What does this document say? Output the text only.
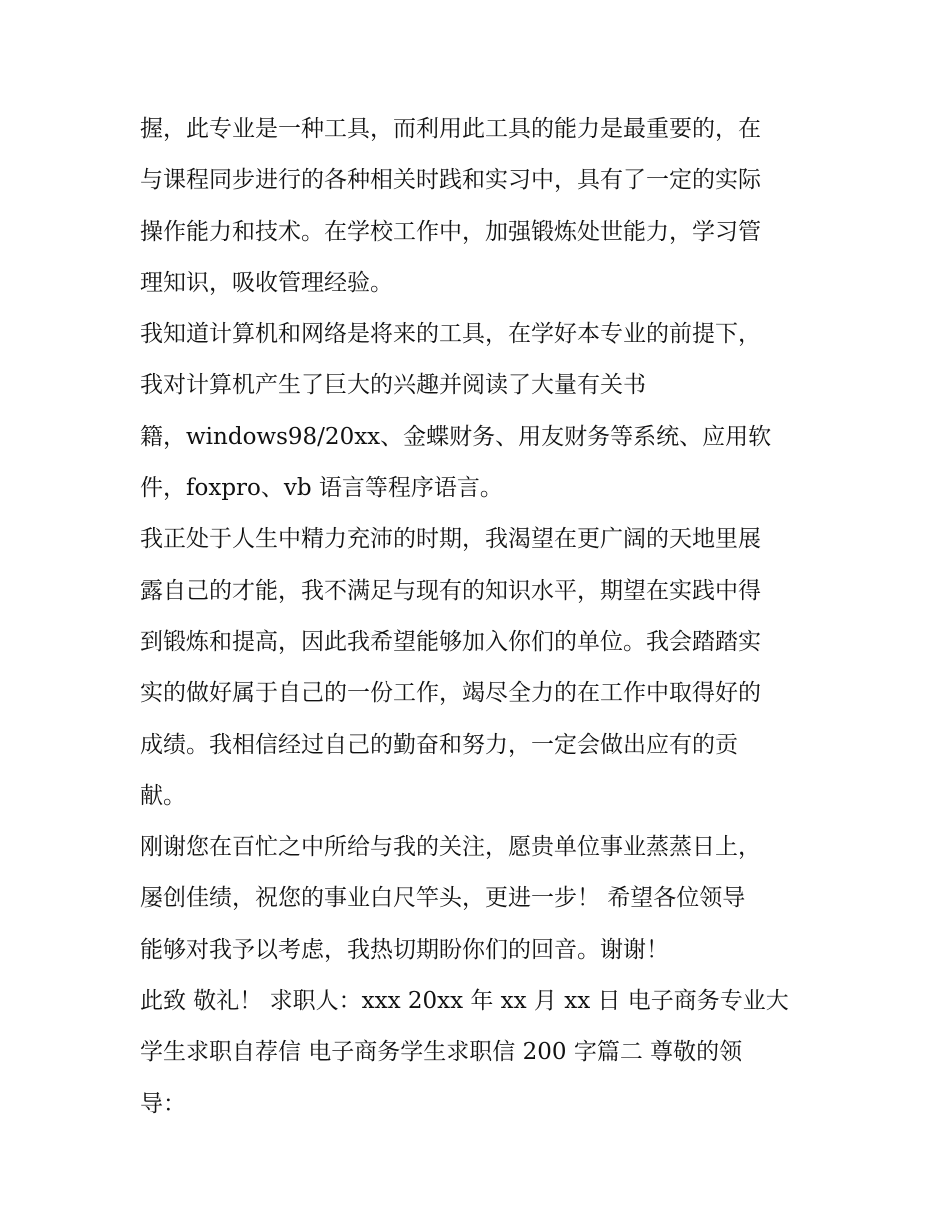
握，此专业是一种工具，而利用此工具的能力是最重要的，在
与课程同步进行的各种相关时践和实习中，具有了一定的实际
操作能力和技术。在学校工作中，加强锻炼处世能力，学习管
理知识，吸收管理经验。
我知道计算机和网络是将来的工具，在学好本专业的前提下，
我对计算机产生了巨大的兴趣并阅读了大量有关书
籍，windows98/20xx、金蝶财务、用友财务等系统、应用软
件，foxpro、vb 语言等程序语言。
我正处于人生中精力充沛的时期，我渴望在更广阔的天地里展
露自己的才能，我不满足与现有的知识水平，期望在实践中得
到锻炼和提高，因此我希望能够加入你们的单位。我会踏踏实
实的做好属于自己的一份工作，竭尽全力的在工作中取得好的
成绩。我相信经过自己的勤奋和努力，一定会做出应有的贡
献。
刚谢您在百忙之中所给与我的关注，愿贵单位事业蒸蒸日上，
屡创佳绩，祝您的事业白尺竿头，更进一步！ 希望各位领导
能够对我予以考虑，我热切期盼你们的回音。谢谢！
此致 敬礼！ 求职人：xxx 20xx 年 xx 月 xx 日 电子商务专业大
学生求职自荐信 电子商务学生求职信 200 字篇二 尊敬的领
导：
